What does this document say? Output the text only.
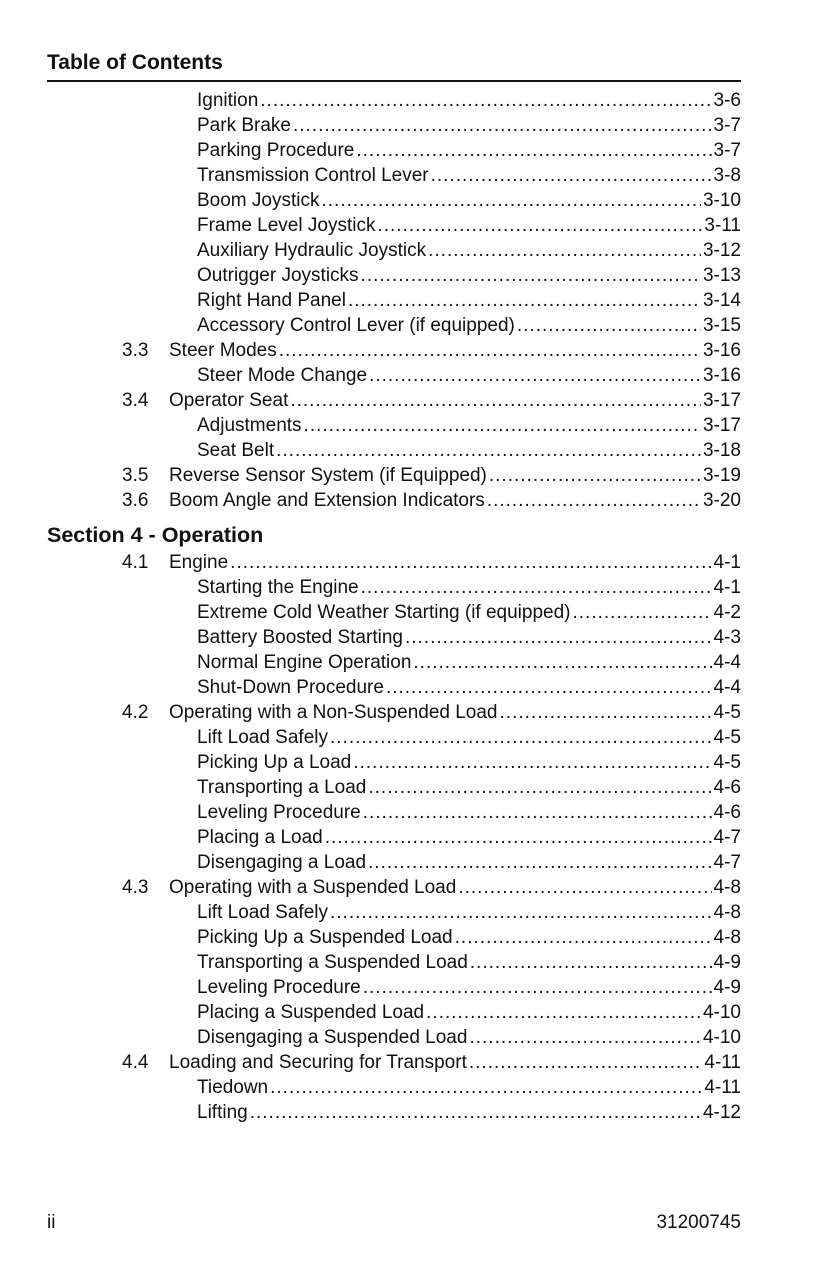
Table of Contents
Ignition .....	3-6
Park Brake .....	3-7
Parking Procedure .....	3-7
Transmission Control Lever .....	3-8
Boom Joystick .....	3-10
Frame Level Joystick .....	3-11
Auxiliary Hydraulic Joystick .....	3-12
Outrigger Joysticks .....	3-13
Right Hand Panel .....	3-14
Accessory Control Lever (if equipped) .....	3-15
3.3 Steer Modes .....	3-16
Steer Mode Change .....	3-16
3.4 Operator Seat .....	3-17
Adjustments .....	3-17
Seat Belt .....	3-18
3.5 Reverse Sensor System (if Equipped) .....	3-19
3.6 Boom Angle and Extension Indicators .....	3-20
Section 4 - Operation
4.1 Engine .....	4-1
Starting the Engine .....	4-1
Extreme Cold Weather Starting (if equipped) .....	4-2
Battery Boosted Starting .....	4-3
Normal Engine Operation .....	4-4
Shut-Down Procedure .....	4-4
4.2 Operating with a Non-Suspended Load .....	4-5
Lift Load Safely .....	4-5
Picking Up a Load .....	4-5
Transporting a Load .....	4-6
Leveling Procedure .....	4-6
Placing a Load .....	4-7
Disengaging a Load .....	4-7
4.3 Operating with a Suspended Load .....	4-8
Lift Load Safely .....	4-8
Picking Up a Suspended Load .....	4-8
Transporting a Suspended Load .....	4-9
Leveling Procedure .....	4-9
Placing a Suspended Load .....	4-10
Disengaging a Suspended Load .....	4-10
4.4 Loading and Securing for Transport .....	4-11
Tiedown .....	4-11
Lifting .....	4-12
ii	31200745
